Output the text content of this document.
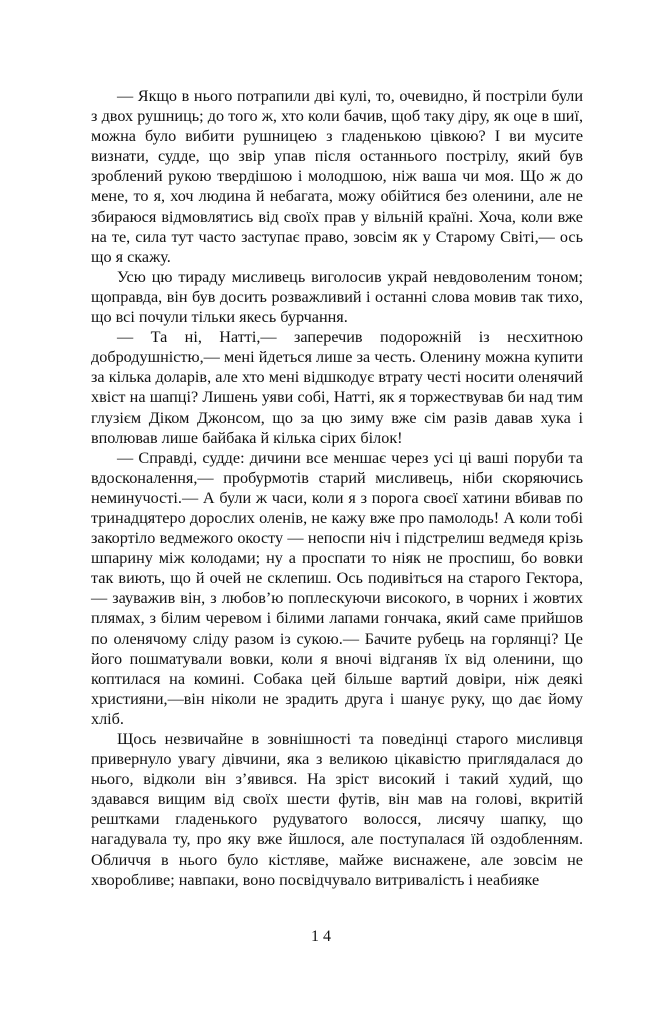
— Якщо в нього потрапили дві кулі, то, очевидно, й постріли були з двох рушниць; до того ж, хто коли бачив, щоб таку діру, як оце в шиї, можна було вибити рушницею з гладенькою цівкою? І ви мусите визнати, судде, що звір упав після останнього пострілу, який був зроблений рукою твердішою і молодшою, ніж ваша чи моя. Що ж до мене, то я, хоч людина й небагата, можу обійтися без оленини, але не збираюся відмовлятись від своїх прав у вільній країні. Хоча, коли вже на те, сила тут часто заступає право, зовсім як у Старому Світі,— ось що я скажу.

Усю цю тираду мисливець виголосив украй невдоволеним тоном; щоправда, він був досить розважливий і останні слова мовив так тихо, що всі почули тільки якесь бурчання.

— Та ні, Натті,— заперечив подорожній із несхитною добродушністю,— мені йдеться лише за честь. Оленину можна купити за кілька доларів, але хто мені відшкодує втрату честі носити оленячий хвіст на шапці? Лишень уяви собі, Натті, як я торжествував би над тим глузієм Діком Джонсом, що за цю зиму вже сім разів давав хука і вполював лише байбака й кілька сірих білок!

— Справді, судде: дичини все меншає через усі ці ваші поруби та вдосконалення,— пробурмотів старий мисливець, ніби скоряючись неминучості.— А були ж часи, коли я з порога своєї хатини вбивав по тринадцятеро дорослих оленів, не кажу вже про памолодь! А коли тобі закортіло ведмежого окосту — непоспи ніч і підстрелиш ведмедя крізь шпарину між колодами; ну а проспати то ніяк не проспиш, бо вовки так виють, що й очей не склепиш. Ось подивіться на старого Гектора,— зауважив він, з любов’ю поплескуючи високого, в чорних і жовтих плямах, з білим черевом і білими лапами гончака, який саме прийшов по оленячому сліду разом із сукою.— Бачите рубець на горлянці? Це його пошматували вовки, коли я вночі відганяв їх від оленини, що коптилася на комині. Собака цей більше вартий довіри, ніж деякі християни,—він ніколи не зрадить друга і шанує руку, що дає йому хліб.

Щось незвичайне в зовнішності та поведінці старого мисливця привернуло увагу дівчини, яка з великою цікавістю приглядалася до нього, відколи він з’явився. На зріст високий і такий худий, що здавався вищим від своїх шести футів, він мав на голові, вкритій рештками гладенького рудуватого волосся, лисячу шапку, що нагадувала ту, про яку вже йшлося, але поступалася їй оздобленням. Обличчя в нього було кістляве, майже виснажене, але зовсім не хворобливе; навпаки, воно посвідчувало витривалість і неабияке

14
